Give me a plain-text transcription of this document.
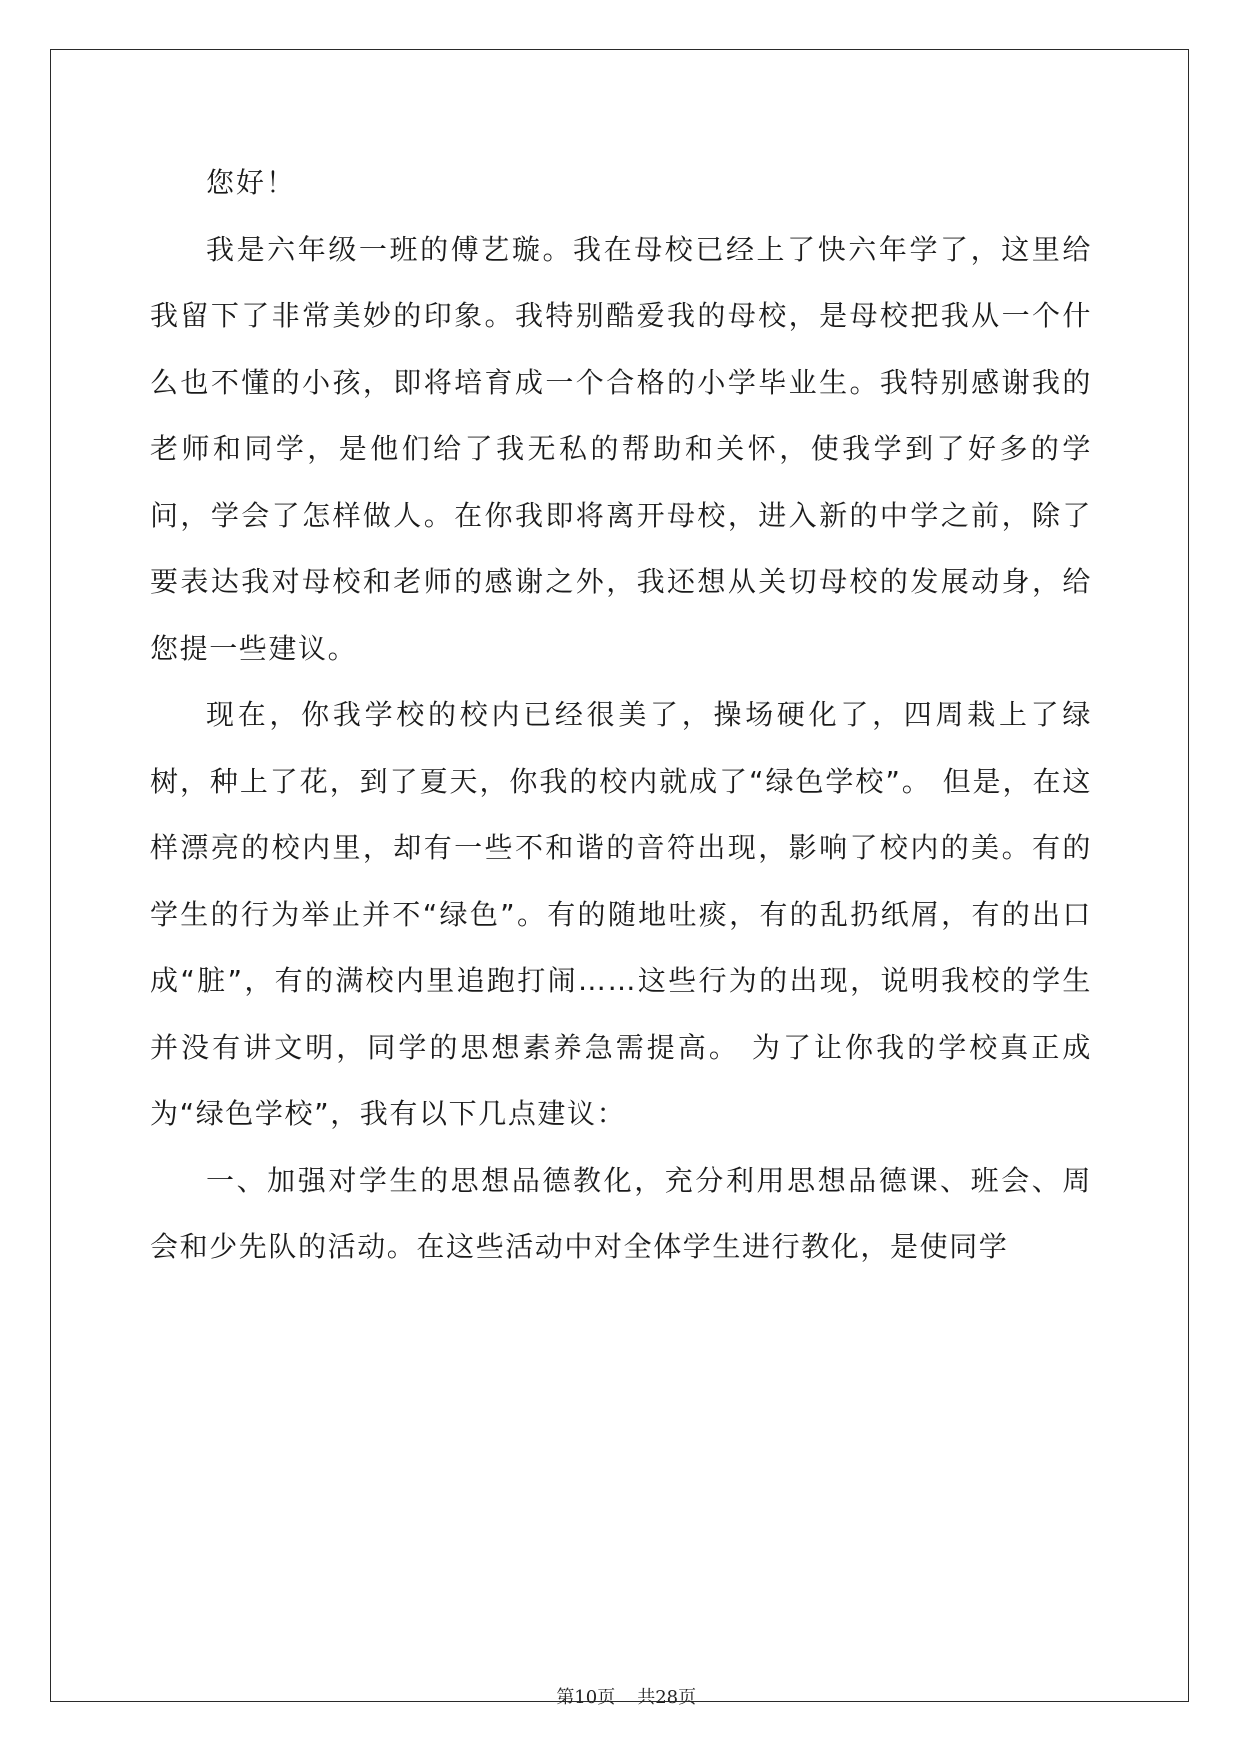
您好！

我是六年级一班的傅艺璇。我在母校已经上了快六年学了，这里给我留下了非常美妙的印象。我特别酷爱我的母校，是母校把我从一个什么也不懂的小孩，即将培育成一个合格的小学毕业生。我特别感谢我的老师和同学，是他们给了我无私的帮助和关怀，使我学到了好多的学问，学会了怎样做人。在你我即将离开母校，进入新的中学之前，除了要表达我对母校和老师的感谢之外，我还想从关切母校的发展动身，给您提一些建议。

现在，你我学校的校内已经很美了，操场硬化了，四周栽上了绿树，种上了花，到了夏天，你我的校内就成了“绿色学校”。 但是，在这样漂亮的校内里，却有一些不和谐的音符出现，影响了校内的美。有的学生的行为举止并不“绿色”。有的随地吐痰，有的乱扔纸屑，有的出口成“脏”，有的满校内里追跑打闹……这些行为的出现，说明我校的学生并没有讲文明，同学的思想素养急需提高。 为了让你我的学校真正成为“绿色学校”，我有以下几点建议：

一、加强对学生的思想品德教化，充分利用思想品德课、班会、周会和少先队的活动。在这些活动中对全体学生进行教化，是使同学

第10页 共28页
